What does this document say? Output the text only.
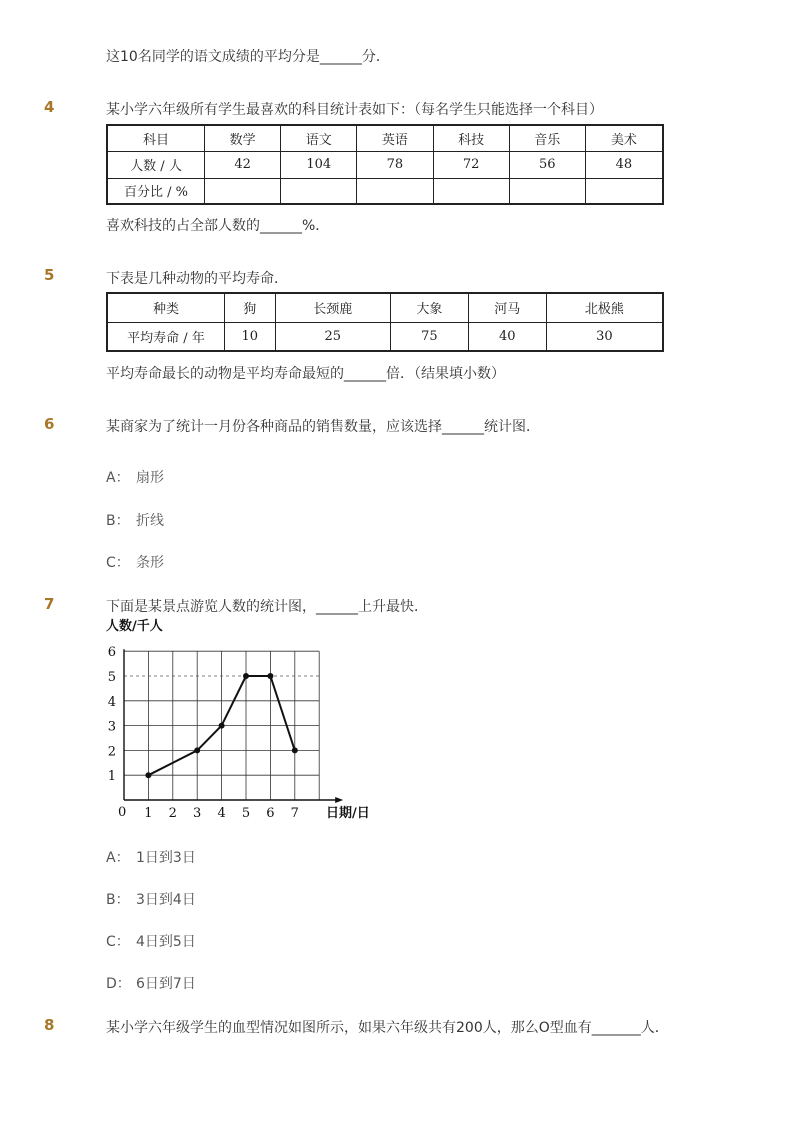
这10名同学的语文成绩的平均分是______分．
4	某小学六年级所有学生最喜欢的科目统计表如下：（每名学生只能选择一个科目）
科目	数学	语文	英语	科技	音乐	美术
人数 / 人	42	104	78	72	56	48
百分比 / %						
喜欢科技的占全部人数的______%．
5	下表是几种动物的平均寿命．
种类	狗	长颈鹿	大象	河马	北极熊
平均寿命 / 年	10	25	75	40	30
平均寿命最长的动物是平均寿命最短的______倍．（结果填小数）
6	某商家为了统计一月份各种商品的销售数量，应该选择______统计图．
A： 扇形
B： 折线
C： 条形
7	下面是某景点游览人数的统计图，______上升最快．
人数/千人
日期/日
0 1 2 3 4 5 6 7
1
2
3
4
5
6
A： 1日到3日
B： 3日到4日
C： 4日到5日
D： 6日到7日
8	某小学六年级学生的血型情况如图所示，如果六年级共有200人，那么O型血有_______人．
